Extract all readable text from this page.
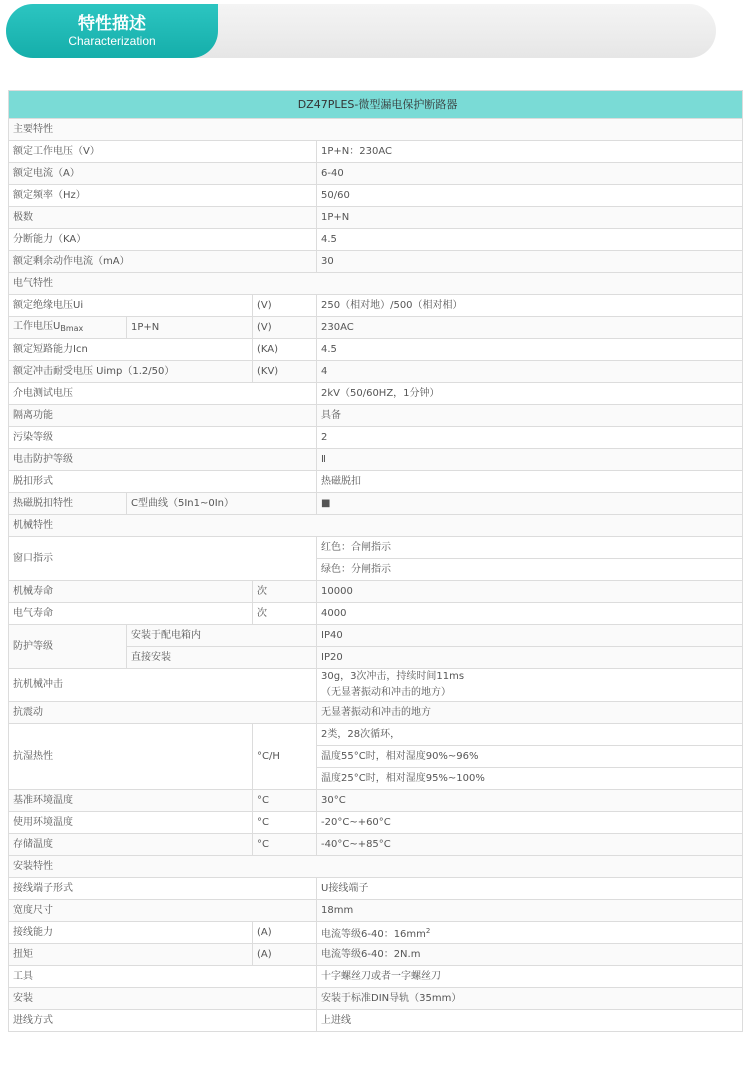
特性描述
Characterization
DZ47PLES-微型漏电保护断路器			
主要特性			
额定工作电压（V）			1P+N：230AC
额定电流（A）			6-40
额定频率（Hz）			50/60
极数			1P+N
分断能力（KA）			4.5
额定剩余动作电流（mA）			30
电气特性			
额定绝缘电压Ui		(V)	250（相对地）/500（相对相）
工作电压$U_{Bmax}$	1P+N	(V)	230AC
额定短路能力Icn		(KA)	4.5
额定冲击耐受电压 Uimp（1.2/50）		(KV)	4
介电测试电压			2kV（50/60HZ，1分钟）
隔离功能			具备
污染等级			2
电击防护等级			Ⅱ
脱扣形式			热磁脱扣
热磁脱扣特性	C型曲线（5In1~0In）		■
机械特性			
窗口指示			红色：合闸指示
			绿色：分闸指示
机械寿命		次	10000
电气寿命		次	4000
防护等级	安装于配电箱内		IP40
	直接安装		IP20
抗机械冲击			30g，3次冲击，持续时间11ms
（无显著振动和冲击的地方）

抗震动			无显著振动和冲击的地方
抗湿热性		°C/H	2类，28次循环，
			温度55°C时，相对湿度90%~96%
			温度25°C时，相对湿度95%~100%
基准环境温度		°C	30°C
使用环境温度		°C	-20°C~+60°C
存储温度		°C	-40°C~+85°C
安装特性			
接线端子形式			U接线端子
宽度尺寸			18mm
接线能力		(A)	电流等级6-40：$16mm^2$
扭矩		(A)	电流等级6-40：2N.m
工具			十字螺丝刀或者一字螺丝刀
安装			安装于标准DIN导轨（35mm）
进线方式			上进线
